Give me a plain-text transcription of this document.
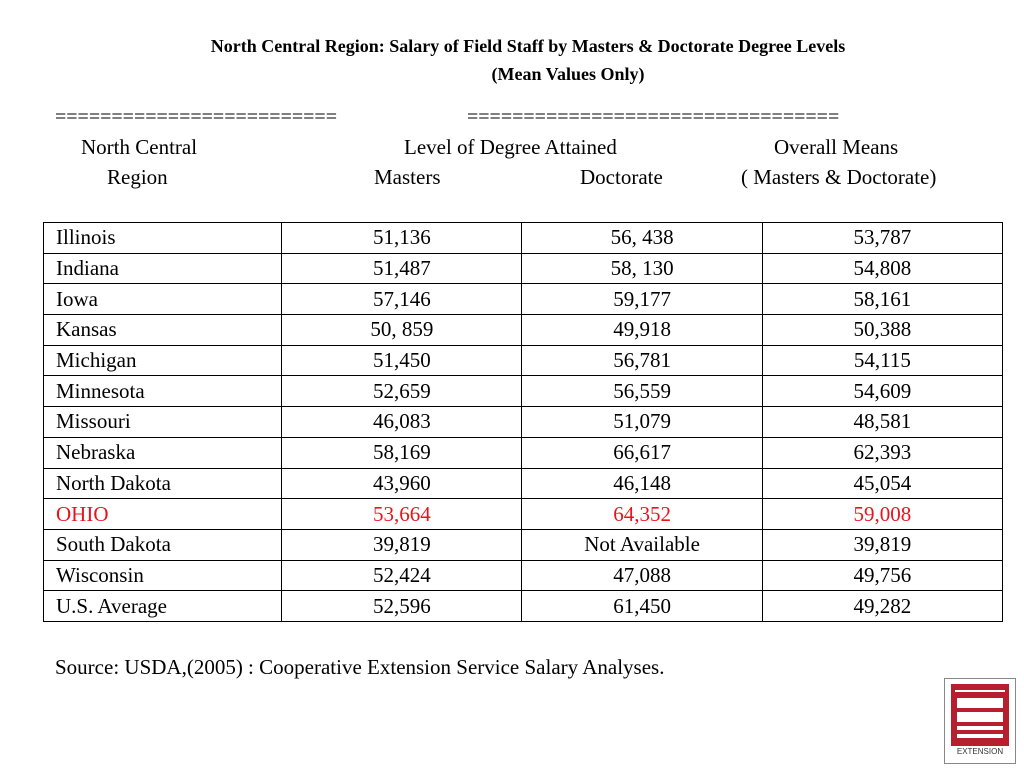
North Central Region: Salary of Field Staff by Masters & Doctorate Degree Levels
(Mean Values Only)
=========================	=================================
North Central
Region
Level of Degree Attained
Masters	Doctorate
Overall Means
( Masters & Doctorate)
Illinois	51,136	56, 438	53,787
Indiana	51,487	58, 130	54,808
Iowa	57,146	59,177	58,161
Kansas	50, 859	49,918	50,388
Michigan	51,450	56,781	54,115
Minnesota	52,659	56,559	54,609
Missouri	46,083	51,079	48,581
Nebraska	58,169	66,617	62,393
North Dakota	43,960	46,148	45,054
OHIO	53,664	64,352	59,008
South Dakota	39,819	Not Available	39,819
Wisconsin	52,424	47,088	49,756
U.S. Average	52,596	61,450	49,282
Source: USDA,(2005) : Cooperative Extension Service Salary Analyses.
EXTENSION
